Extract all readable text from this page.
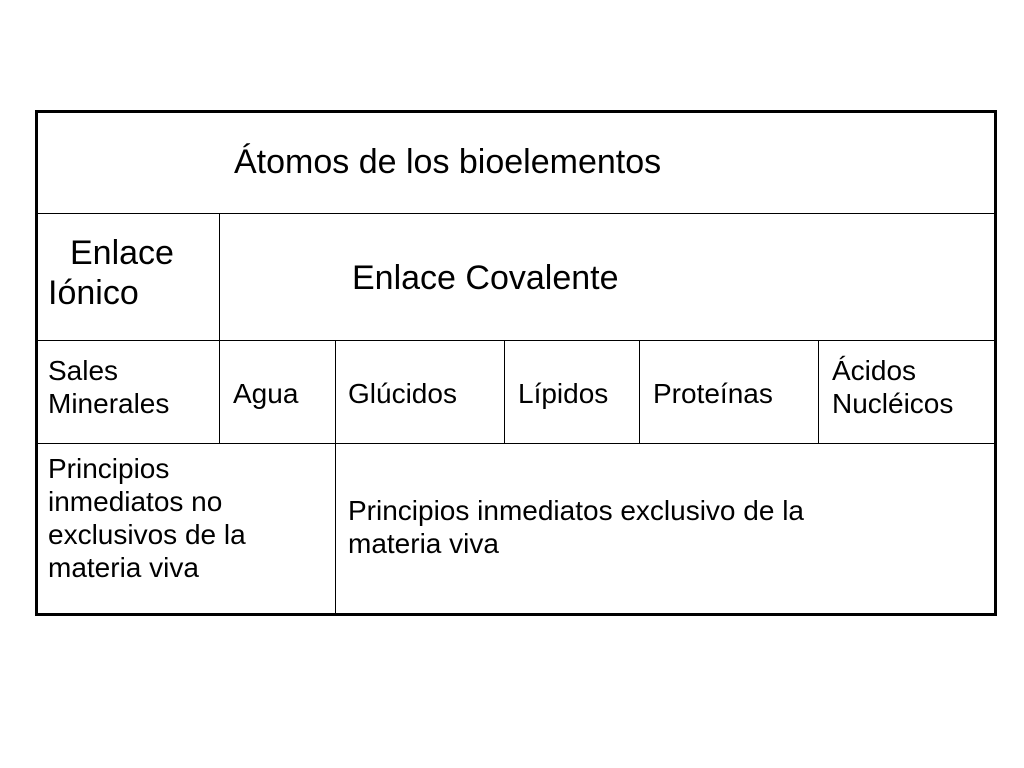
Átomos de los bioelementos
Enlace
Iónico	Enlace Covalente
Sales
Minerales Agua Glúcidos Lípidos Proteínas
Ácidos
Nucléicos
Principios
inmediatos no
exclusivos de la
materia viva
Principios inmediatos exclusivo de la
materia viva
